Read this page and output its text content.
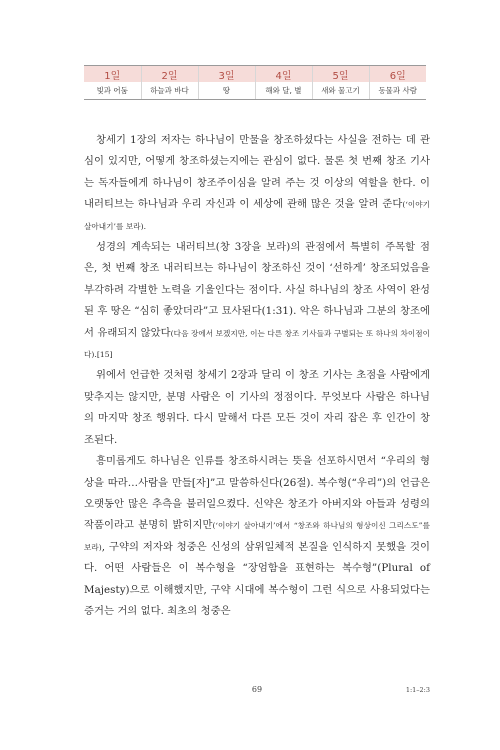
1일	2일	3일	4일	5일	6일
빛과 어둠	하늘과 바다	땅	해와 달, 별	새와 물고기	동물과 사람

창세기 1장의 저자는 하나님이 만물을 창조하셨다는 사실을 전하는 데 관심이 있지만, 어떻게 창조하셨는지에는 관심이 없다. 물론 첫 번째 창조 기사는 독자들에게 하나님이 창조주이심을 알려 주는 것 이상의 역할을 한다. 이 내러티브는 하나님과 우리 자신과 이 세상에 관해 많은 것을 알려 준다(‘이야기 살아내기’를 보라).

성경의 계속되는 내러티브(창 3장을 보라)의 관점에서 특별히 주목할 점은, 첫 번째 창조 내러티브는 하나님이 창조하신 것이 ‘선하게’ 창조되었음을 부각하려 각별한 노력을 기울인다는 점이다. 사실 하나님의 창조 사역이 완성된 후 땅은 “심히 좋았더라”고 묘사된다(1:31). 악은 하나님과 그분의 창조에서 유래되지 않았다(다음 장에서 보겠지만, 이는 다른 창조 기사들과 구별되는 또 하나의 차이점이다).[15]

위에서 언급한 것처럼 창세기 2장과 달리 이 창조 기사는 초점을 사람에게 맞추지는 않지만, 분명 사람은 이 기사의 정점이다. 무엇보다 사람은 하나님의 마지막 창조 행위다. 다시 말해서 다른 모든 것이 자리 잡은 후 인간이 창조된다.

흥미롭게도 하나님은 인류를 창조하시려는 뜻을 선포하시면서 “우리의 형상을 따라…사람을 만들[자]”고 말씀하신다(26절). 복수형(“우리”)의 언급은 오랫동안 많은 추측을 불러일으켰다. 신약은 창조가 아버지와 아들과 성령의 작품이라고 분명히 밝히지만(‘이야기 살아내기’에서 “창조와 하나님의 형상이신 그리스도”를 보라), 구약의 저자와 청중은 신성의 삼위일체적 본질을 인식하지 못했을 것이다. 어떤 사람들은 이 복수형을 “장엄함을 표현하는 복수형”(Plural of Majesty)으로 이해했지만, 구약 시대에 복수형이 그런 식으로 사용되었다는 증거는 거의 없다. 최초의 청중은

69	1:1–2:3
